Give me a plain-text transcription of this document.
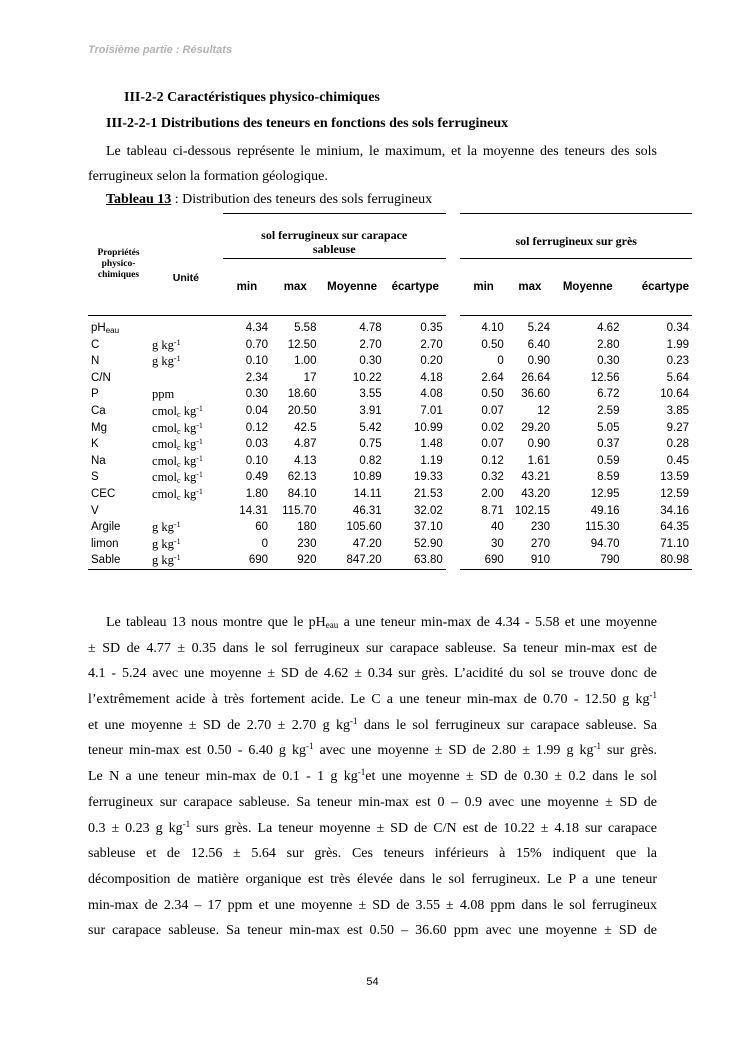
Troisième partie : Résultats
III-2-2 Caractéristiques physico-chimiques
III-2-2-1 Distributions des teneurs en fonctions des sols ferrugineux
Le tableau ci-dessous représente le minium, le maximum, et la moyenne des teneurs des sols ferrugineux selon la formation géologique.
Tableau 13 : Distribution des teneurs des sols ferrugineux
Propriétés physico-chimiques	Unité	sol ferrugineux sur carapace sableuse					sol ferrugineux sur grès			
		min	max	Moyenne	écartype		min	max	Moyenne	écartype
$pH_{eau}$		4.34	5.58	4.78	0.35		4.10	5.24	4.62	0.34
C	g $kg^{-1}$	0.70	12.50	2.70	2.70		0.50	6.40	2.80	1.99
N	g $kg^{-1}$	0.10	1.00	0.30	0.20		0	0.90	0.30	0.23
C/N		2.34	17	10.22	4.18		2.64	26.64	12.56	5.64
P	ppm	0.30	18.60	3.55	4.08		0.50	36.60	6.72	10.64
Ca	cmol$_c$ $kg^{-1}$	0.04	20.50	3.91	7.01		0.07	12	2.59	3.85
Mg	cmol$_c$ $kg^{-1}$	0.12	42.5	5.42	10.99		0.02	29.20	5.05	9.27
K	cmol$_c$ $kg^{-1}$	0.03	4.87	0.75	1.48		0.07	0.90	0.37	0.28
Na	cmol$_c$ $kg^{-1}$	0.10	4.13	0.82	1.19		0.12	1.61	0.59	0.45
S	cmol$_c$ $kg^{-1}$	0.49	62.13	10.89	19.33		0.32	43.21	8.59	13.59
CEC	cmol$_c$ $kg^{-1}$	1.80	84.10	14.11	21.53		2.00	43.20	12.95	12.59
V		14.31	115.70	46.31	32.02		8.71	102.15	49.16	34.16
Argile	g $kg^{-1}$	60	180	105.60	37.10		40	230	115.30	64.35
limon	g $kg^{-1}$	0	230	47.20	52.90		30	270	94.70	71.10
Sable	g $kg^{-1}$	690	920	847.20	63.80		690	910	790	80.98
Le tableau 13 nous montre que le $pH_{eau}$ a une teneur min-max de 4.34 - 5.58 et une moyenne
± SD de 4.77 ± 0.35 dans le sol ferrugineux sur carapace sableuse. Sa teneur min-max est de
4.1 - 5.24 avec une moyenne ± SD de 4.62 ± 0.34 sur grès. L’acidité du sol se trouve donc de
l’extrêmement acide à très fortement acide. Le C a une teneur min-max de 0.70 - 12.50 g $kg^{-1}$
et une moyenne ± SD de 2.70 ± 2.70 g $kg^{-1}$ dans le sol ferrugineux sur carapace sableuse. Sa
teneur min-max est 0.50 - 6.40 g $kg^{-1}$ avec une moyenne ± SD de 2.80 ± 1.99 g $kg^{-1}$ sur grès.
Le N a une teneur min-max de 0.1 - 1 g $kg^{-1}et$ une moyenne ± SD de 0.30 ± 0.2 dans le sol
ferrugineux sur carapace sableuse. Sa teneur min-max est 0 – 0.9 avec une moyenne ± SD de
0.3 ± 0.23 g $kg^{-1}$ surs grès. La teneur moyenne ± SD de C/N est de 10.22 ± 4.18 sur carapace
sableuse et de 12.56 ± 5.64 sur grès. Ces teneurs inférieurs à 15% indiquent que la
décomposition de matière organique est très élevée dans le sol ferrugineux. Le P a une teneur
min-max de 2.34 – 17 ppm et une moyenne ± SD de 3.55 ± 4.08 ppm dans le sol ferrugineux
sur carapace sableuse. Sa teneur min-max est 0.50 – 36.60 ppm avec une moyenne ± SD de
54
